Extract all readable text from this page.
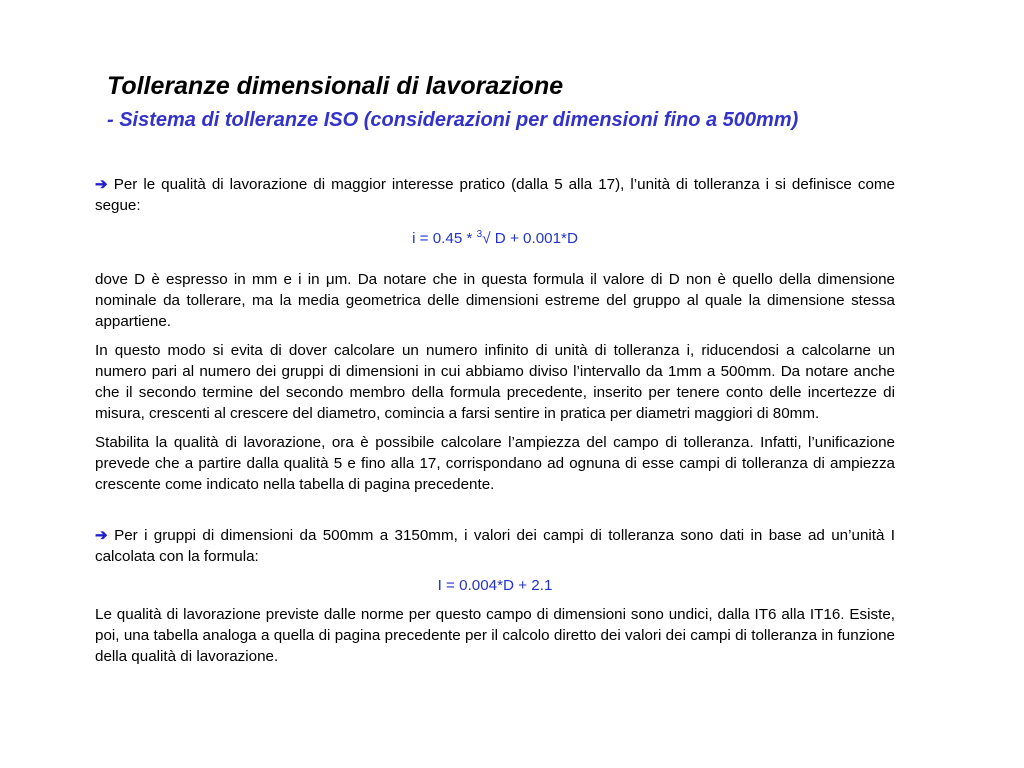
Tolleranze dimensionali di lavorazione
- Sistema di tolleranze ISO (considerazioni per dimensioni fino a 500mm)

➔ Per le qualità di lavorazione di maggior interesse pratico (dalla 5 alla 17), l’unità di tolleranza i si definisce come segue:

i = 0.45 * $^3$√ D + 0.001*D

dove D è espresso in mm e i in μm. Da notare che in questa formula il valore di D non è quello della dimensione nominale da tollerare, ma la media geometrica delle dimensioni estreme del gruppo al quale la dimensione stessa appartiene.

In questo modo si evita di dover calcolare un numero infinito di unità di tolleranza i, riducendosi a calcolarne un numero pari al numero dei gruppi di dimensioni in cui abbiamo diviso l’intervallo da 1mm a 500mm. Da notare anche che il secondo termine del secondo membro della formula precedente, inserito per tenere conto delle incertezze di misura, crescenti al crescere del diametro, comincia a farsi sentire in pratica per diametri maggiori di 80mm.

Stabilita la qualità di lavorazione, ora è possibile calcolare l’ampiezza del campo di tolleranza. Infatti, l’unificazione prevede che a partire dalla qualità 5 e fino alla 17, corrispondano ad ognuna di esse campi di tolleranza di ampiezza crescente come indicato nella tabella di pagina precedente.

➔ Per i gruppi di dimensioni da 500mm a 3150mm, i valori dei campi di tolleranza sono dati in base ad un’unità I calcolata con la formula:

I = 0.004*D + 2.1

Le qualità di lavorazione previste dalle norme per questo campo di dimensioni sono undici, dalla IT6 alla IT16. Esiste, poi, una tabella analoga a quella di pagina precedente per il calcolo diretto dei valori dei campi di tolleranza in funzione della qualità di lavorazione.
